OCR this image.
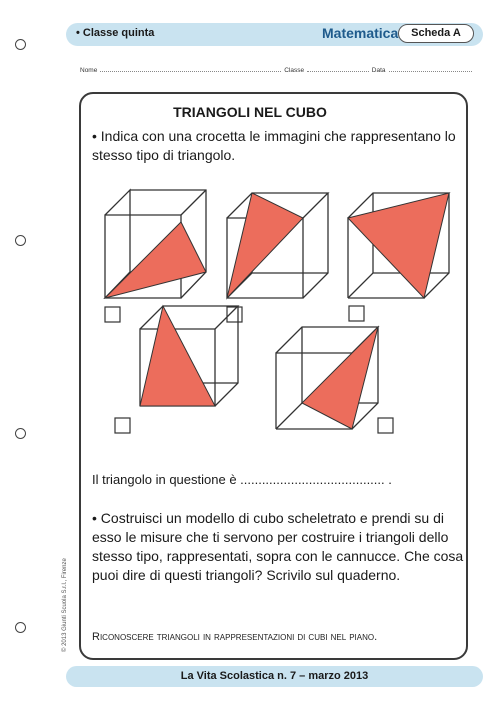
• Classe quinta	Matematica	Scheda A
Nome	Classe	Data
TRIANGOLI NEL CUBO
• Indica con una crocetta le immagini che rappresentano lo stesso tipo di triangolo.
Il triangolo in questione è ........................................ .
• Costruisci un modello di cubo scheletrato e prendi su di esso le misure che ti servono per costruire i triangoli dello stesso tipo, rappresentati, sopra con le cannucce. Che cosa puoi dire di questi triangoli? Scrivilo sul quaderno.
Riconoscere triangoli in rappresentazioni di cubi nel piano.
© 2013 Giunti Scuola S.r.l., Firenze
La Vita Scolastica n. 7 – marzo 2013
